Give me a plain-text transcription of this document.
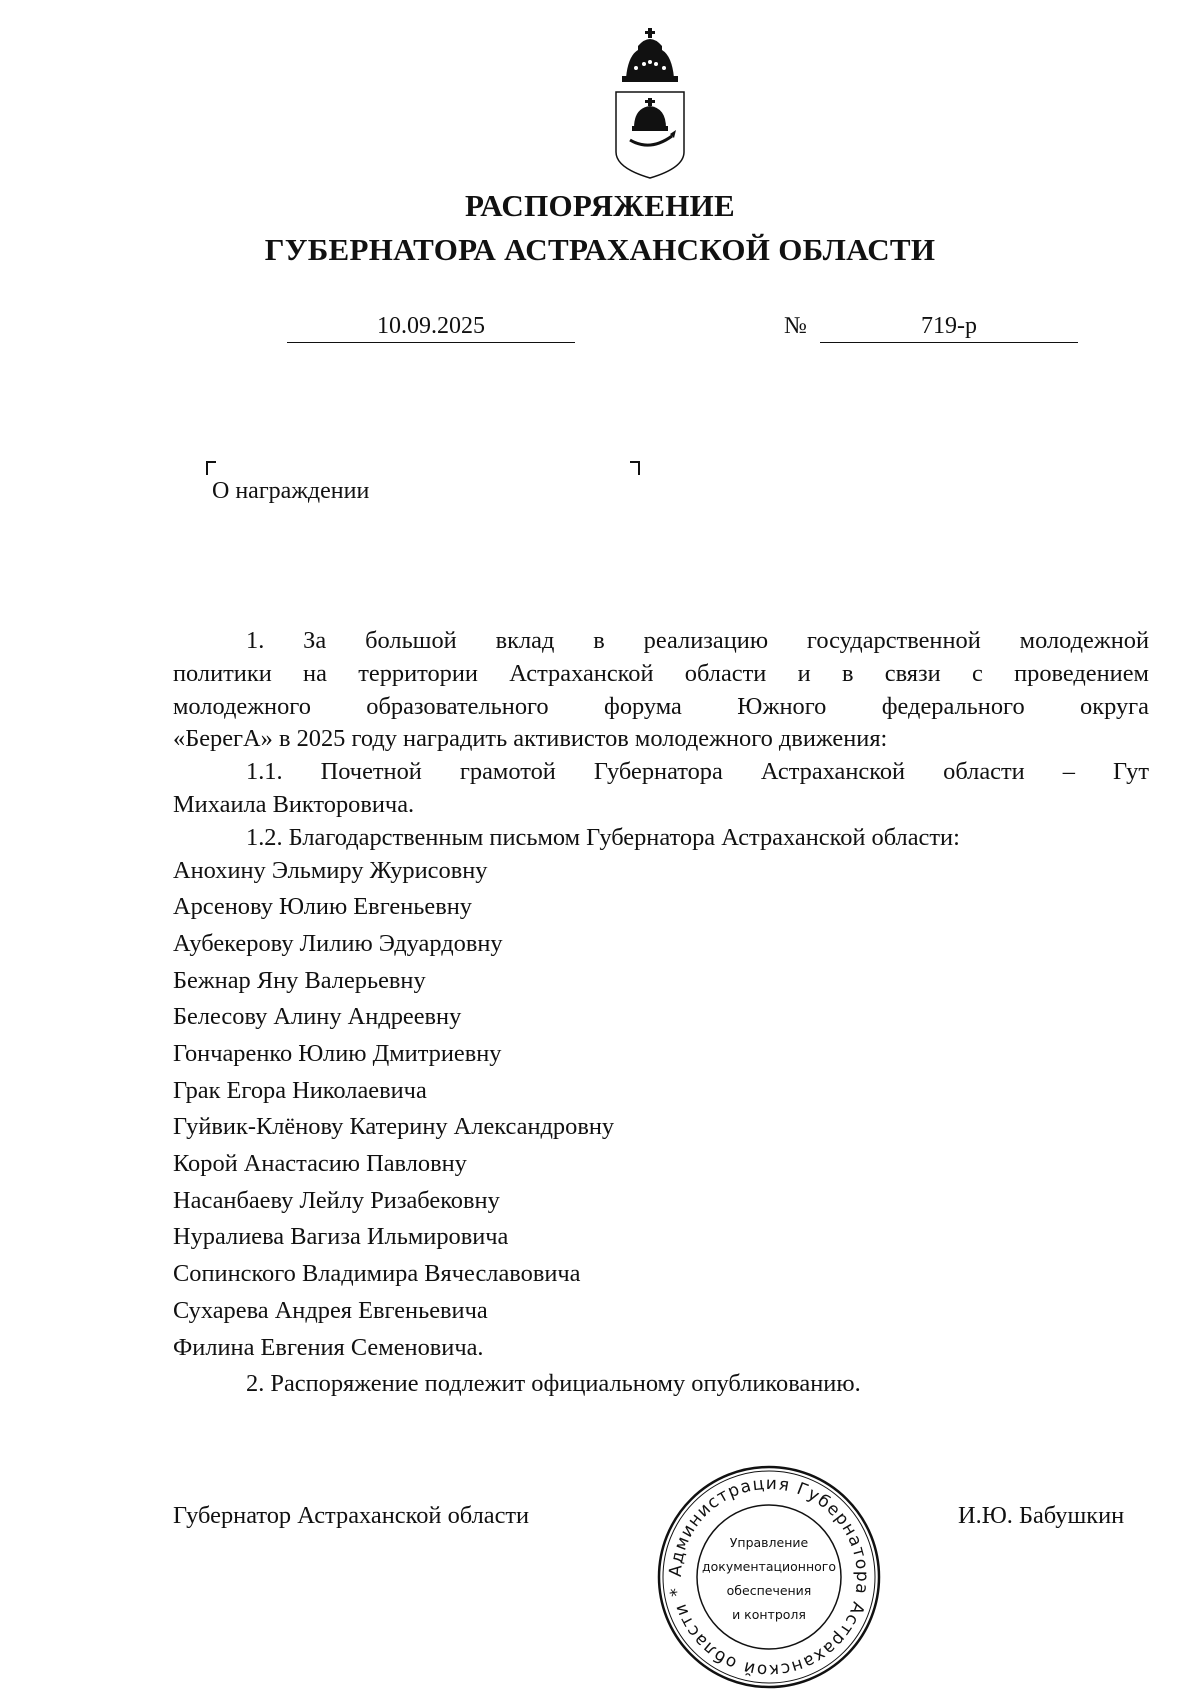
РАСПОРЯЖЕНИЕ
ГУБЕРНАТОРА АСТРАХАНСКОЙ ОБЛАСТИ
10.09.2025	№	719-р
О награждении

1. За большой вклад в реализацию государственной молодежной

политики на территории Астраханской области и в связи с проведением

молодежного образовательного форума Южного федерального округа

«БерегА» в 2025 году наградить активистов молодежного движения:

1.1. Почетной грамотой Губернатора Астраханской области – Гут

Михаила Викторовича.

1.2. Благодарственным письмом Губернатора Астраханской области:

Анохину Эльмиру Журисовну
Арсенову Юлию Евгеньевну
Аубекерову Лилию Эдуардовну
Бежнар Яну Валерьевну
Белесову Алину Андреевну
Гончаренко Юлию Дмитриевну
Грак Егора Николаевича
Гуйвик-Клёнову Катерину Александровну
Корой Анастасию Павловну
Насанбаеву Лейлу Ризабековну
Нуралиева Вагиза Ильмировича
Сопинского Владимира Вячеславовича
Сухарева Андрея Евгеньевича
Филина Евгения Семеновича.

2. Распоряжение подлежит официальному опубликованию.

Губернатор Астраханской области	И.Ю. Бабушкин
Администрация Губернатора Астраханской области *
Управление
документационного
обеспечения
и контроля
